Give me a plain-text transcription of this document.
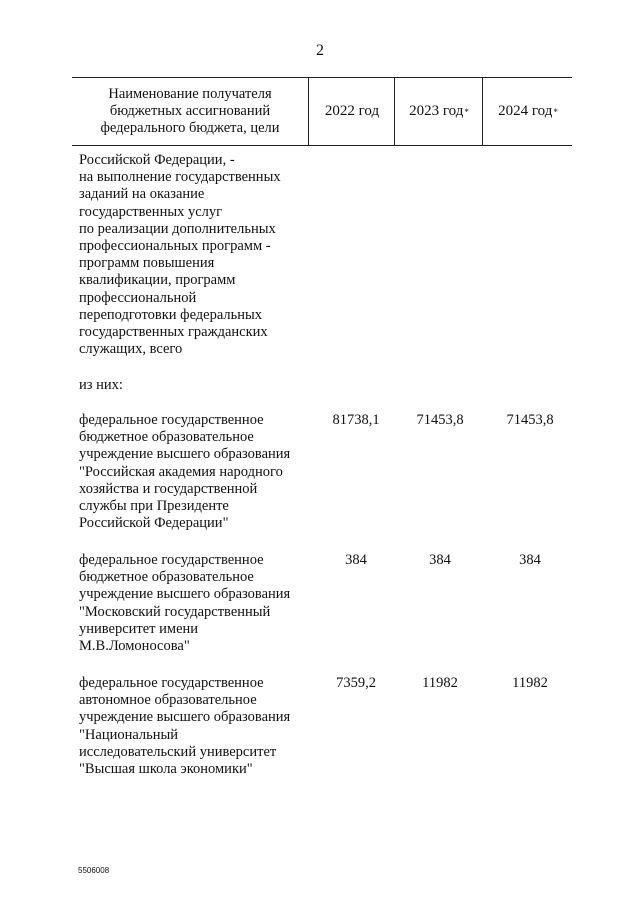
2
Наименование получателя
бюджетных ассигнований
федерального бюджета, цели
2022 год 2023 год * 2024 год *
Российской Федерации, -
на выполнение государственных
заданий на оказание
государственных услуг
по реализации дополнительных
профессиональных программ -
программ повышения
квалификации, программ
профессиональной
переподготовки федеральных
государственных гражданских
служащих, всего
из них:
федеральное государственное
бюджетное образовательное
учреждение высшего образования
"Российская академия народного
хозяйства и государственной
службы при Президенте
Российской Федерации"
81738,1	71453,8	71453,8
федеральное государственное
бюджетное образовательное
учреждение высшего образования
"Московский государственный
университет имени
М.В.Ломоносова"
384	384	384
федеральное государственное
автономное образовательное
учреждение высшего образования
"Национальный
исследовательский университет
"Высшая школа экономики"
7359,2	11982	11982
5506008
